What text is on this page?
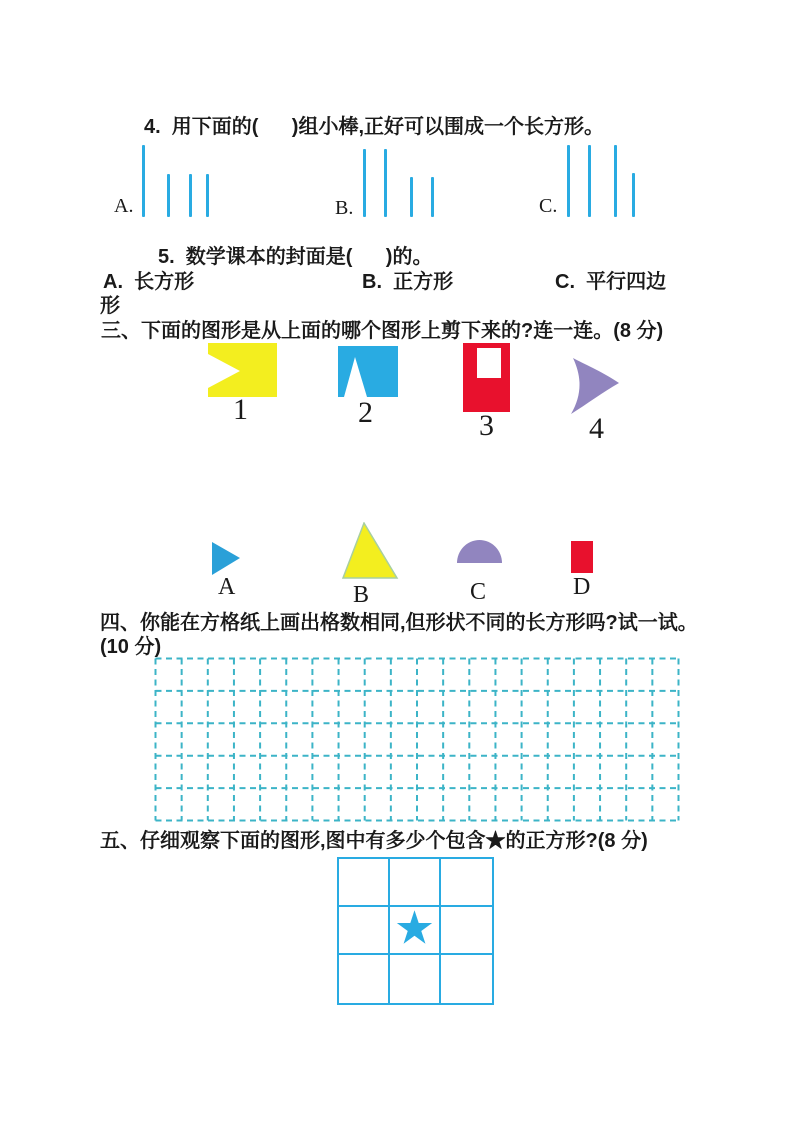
4.  用下面的(      )组小棒,正好可以围成一个长方形。
A.	B.	C.
5.  数学课本的封面是(      )的。
A.  长方形	B.  正方形	C.  平行四边
形
三、下面的图形是从上面的哪个图形上剪下来的?连一连。(8 分)
1	2	3	4
A	B	C	D
四、你能在方格纸上画出格数相同,但形状不同的长方形吗?试一试。
(10 分)
五、仔细观察下面的图形,图中有多少个包含★的正方形?(8 分)
★
